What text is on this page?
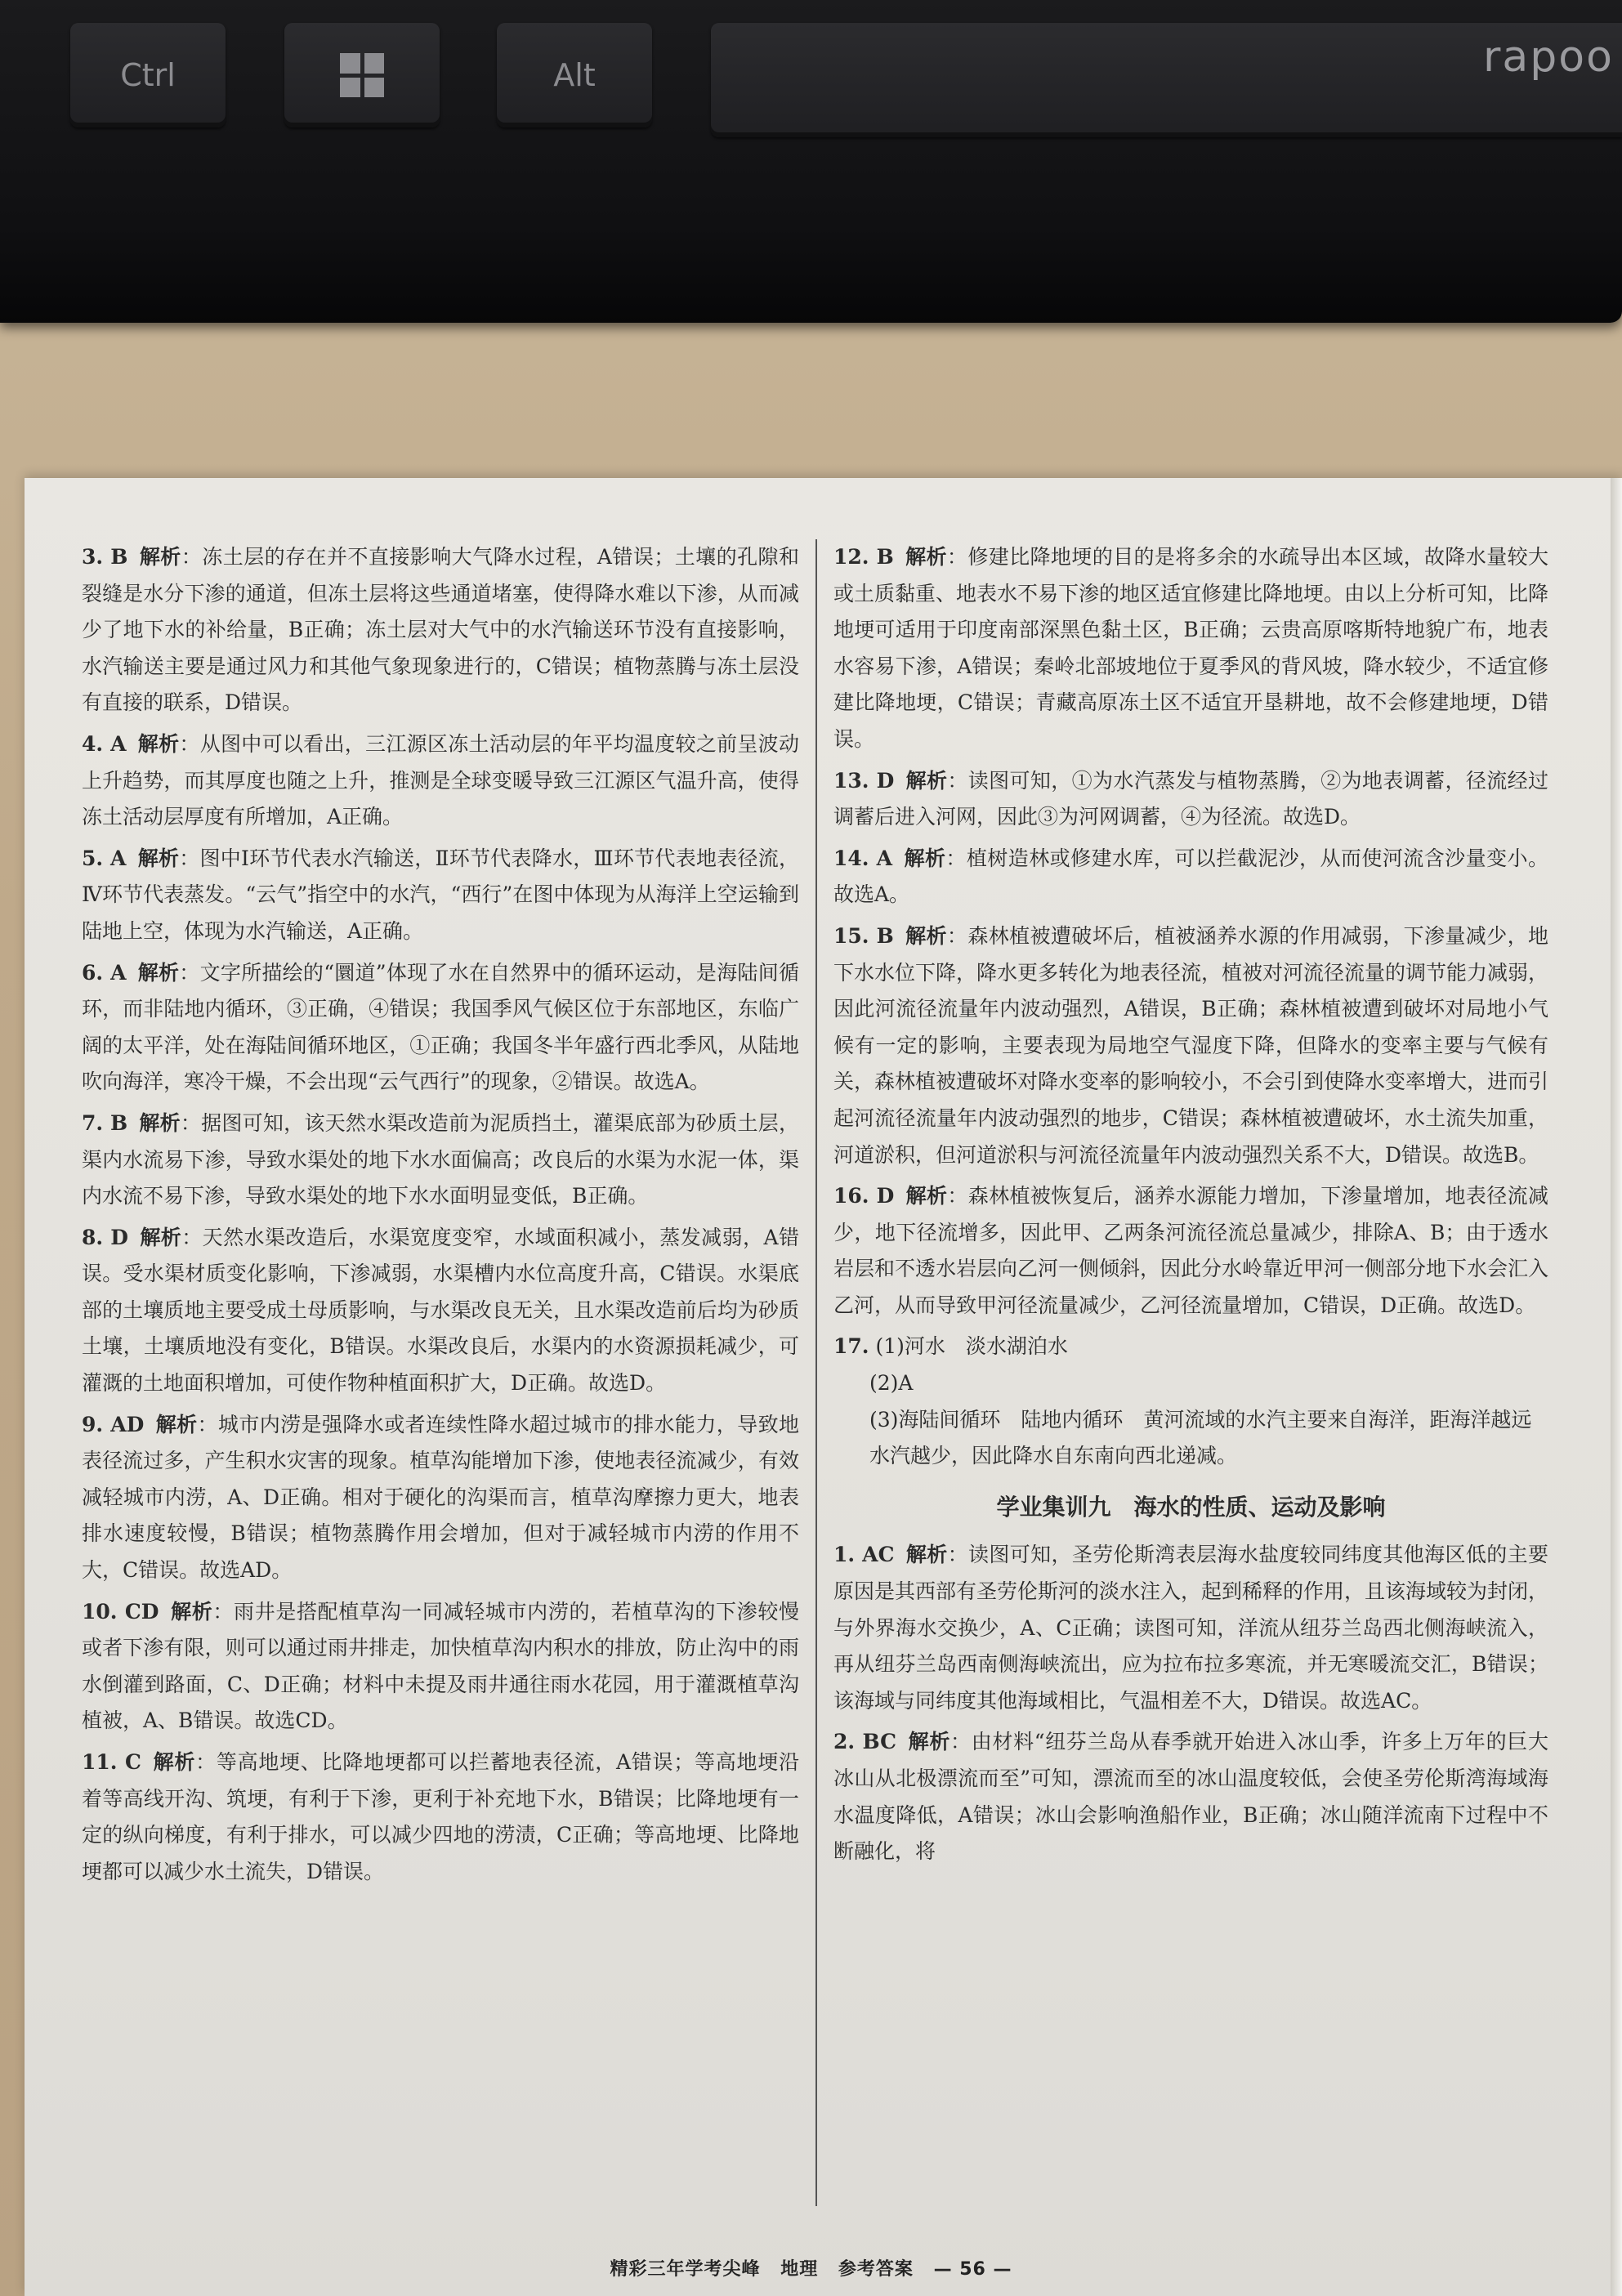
Ctrl	Alt	rapoo

3. B 解析：冻土层的存在并不直接影响大气降水过程，A错误；土壤的孔隙和裂缝是水分下渗的通道，但冻土层将这些通道堵塞，使得降水难以下渗，从而减少了地下水的补给量，B正确；冻土层对大气中的水汽输送环节没有直接影响，水汽输送主要是通过风力和其他气象现象进行的，C错误；植物蒸腾与冻土层没有直接的联系，D错误。

4. A 解析：从图中可以看出，三江源区冻土活动层的年平均温度较之前呈波动上升趋势，而其厚度也随之上升，推测是全球变暖导致三江源区气温升高，使得冻土活动层厚度有所增加，A正确。

5. A 解析：图中Ⅰ环节代表水汽输送，Ⅱ环节代表降水，Ⅲ环节代表地表径流，Ⅳ环节代表蒸发。“云气”指空中的水汽，“西行”在图中体现为从海洋上空运输到陆地上空，体现为水汽输送，A正确。

6. A 解析：文字所描绘的“圜道”体现了水在自然界中的循环运动，是海陆间循环，而非陆地内循环，③正确，④错误；我国季风气候区位于东部地区，东临广阔的太平洋，处在海陆间循环地区，①正确；我国冬半年盛行西北季风，从陆地吹向海洋，寒冷干燥，不会出现“云气西行”的现象，②错误。故选A。

7. B 解析：据图可知，该天然水渠改造前为泥质挡土，灌渠底部为砂质土层，渠内水流易下渗，导致水渠处的地下水水面偏高；改良后的水渠为水泥一体，渠内水流不易下渗，导致水渠处的地下水水面明显变低，B正确。

8. D 解析：天然水渠改造后，水渠宽度变窄，水域面积减小，蒸发减弱，A错误。受水渠材质变化影响，下渗减弱，水渠槽内水位高度升高，C错误。水渠底部的土壤质地主要受成土母质影响，与水渠改良无关，且水渠改造前后均为砂质土壤，土壤质地没有变化，B错误。水渠改良后，水渠内的水资源损耗减少，可灌溉的土地面积增加，可使作物种植面积扩大，D正确。故选D。

9. AD 解析：城市内涝是强降水或者连续性降水超过城市的排水能力，导致地表径流过多，产生积水灾害的现象。植草沟能增加下渗，使地表径流减少，有效减轻城市内涝，A、D正确。相对于硬化的沟渠而言，植草沟摩擦力更大，地表排水速度较慢，B错误；植物蒸腾作用会增加，但对于减轻城市内涝的作用不大，C错误。故选AD。

10. CD 解析：雨井是搭配植草沟一同减轻城市内涝的，若植草沟的下渗较慢或者下渗有限，则可以通过雨井排走，加快植草沟内积水的排放，防止沟中的雨水倒灌到路面，C、D正确；材料中未提及雨井通往雨水花园，用于灌溉植草沟植被，A、B错误。故选CD。

11. C 解析：等高地埂、比降地埂都可以拦蓄地表径流，A错误；等高地埂沿着等高线开沟、筑埂，有利于下渗，更利于补充地下水，B错误；比降地埂有一定的纵向梯度，有利于排水，可以减少四地的涝渍，C正确；等高地埂、比降地埂都可以减少水土流失，D错误。

12. B 解析：修建比降地埂的目的是将多余的水疏导出本区域，故降水量较大或土质黏重、地表水不易下渗的地区适宜修建比降地埂。由以上分析可知，比降地埂可适用于印度南部深黑色黏土区，B正确；云贵高原喀斯特地貌广布，地表水容易下渗，A错误；秦岭北部坡地位于夏季风的背风坡，降水较少，不适宜修建比降地埂，C错误；青藏高原冻土区不适宜开垦耕地，故不会修建地埂，D错误。

13. D 解析：读图可知，①为水汽蒸发与植物蒸腾，②为地表调蓄，径流经过调蓄后进入河网，因此③为河网调蓄，④为径流。故选D。

14. A 解析：植树造林或修建水库，可以拦截泥沙，从而使河流含沙量变小。故选A。

15. B 解析：森林植被遭破坏后，植被涵养水源的作用减弱，下渗量减少，地下水水位下降，降水更多转化为地表径流，植被对河流径流量的调节能力减弱，因此河流径流量年内波动强烈，A错误，B正确；森林植被遭到破坏对局地小气候有一定的影响，主要表现为局地空气湿度下降，但降水的变率主要与气候有关，森林植被遭破坏对降水变率的影响较小，不会引到使降水变率增大，进而引起河流径流量年内波动强烈的地步，C错误；森林植被遭破坏，水土流失加重，河道淤积，但河道淤积与河流径流量年内波动强烈关系不大，D错误。故选B。

16. D 解析：森林植被恢复后，涵养水源能力增加，下渗量增加，地表径流减少，地下径流增多，因此甲、乙两条河流径流总量减少，排除A、B；由于透水岩层和不透水岩层向乙河一侧倾斜，因此分水岭靠近甲河一侧部分地下水会汇入乙河，从而导致甲河径流量减少，乙河径流量增加，C错误，D正确。故选D。

17. (1)河水　淡水湖泊水
(2)A
(3)海陆间循环　陆地内循环　黄河流域的水汽主要来自海洋，距海洋越远水汽越少，因此降水自东南向西北递减。
学业集训九　海水的性质、运动及影响

1. AC 解析：读图可知，圣劳伦斯湾表层海水盐度较同纬度其他海区低的主要原因是其西部有圣劳伦斯河的淡水注入，起到稀释的作用，且该海域较为封闭，与外界海水交换少，A、C正确；读图可知，洋流从纽芬兰岛西北侧海峡流入，再从纽芬兰岛西南侧海峡流出，应为拉布拉多寒流，并无寒暖流交汇，B错误；该海域与同纬度其他海域相比，气温相差不大，D错误。故选AC。

2. BC 解析：由材料“纽芬兰岛从春季就开始进入冰山季，许多上万年的巨大冰山从北极漂流而至”可知，漂流而至的冰山温度较低，会使圣劳伦斯湾海域海水温度降低，A错误；冰山会影响渔船作业，B正确；冰山随洋流南下过程中不断融化，将

精彩三年学考尖峰 地理 参考答案 — 56 —
